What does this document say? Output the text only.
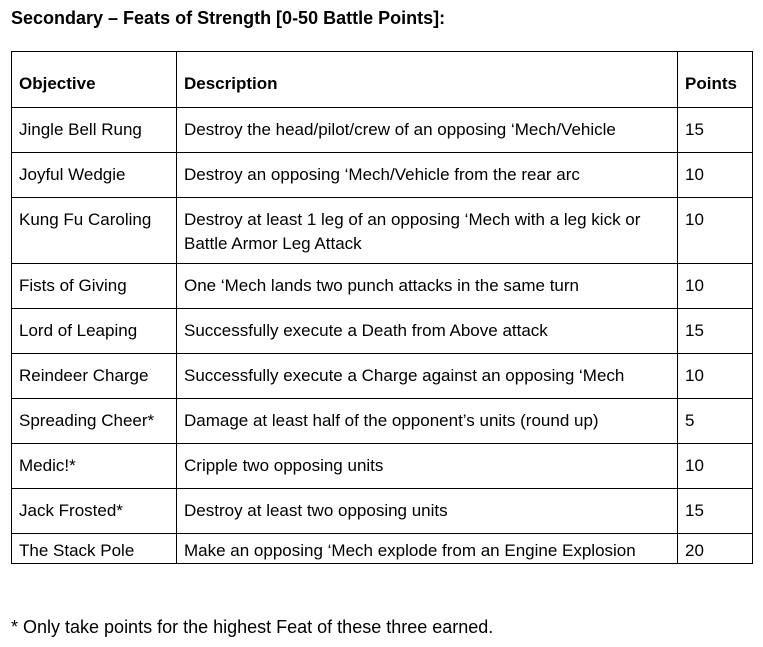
Secondary – Feats of Strength [0-50 Battle Points]:
Objective	Description	Points
Jingle Bell Rung	Destroy the head/pilot/crew of an opposing ‘Mech/Vehicle	15
Joyful Wedgie	Destroy an opposing ‘Mech/Vehicle from the rear arc	10
Kung Fu Caroling	Destroy at least 1 leg of an opposing ‘Mech with a leg kick or Battle Armor Leg Attack	10
Fists of Giving	One ‘Mech lands two punch attacks in the same turn	10
Lord of Leaping	Successfully execute a Death from Above attack	15
Reindeer Charge	Successfully execute a Charge against an opposing ‘Mech	10
Spreading Cheer*	Damage at least half of the opponent’s units (round up)	5
Medic!*	Cripple two opposing units	10
Jack Frosted*	Destroy at least two opposing units	15
The Stack Pole	Make an opposing ‘Mech explode from an Engine Explosion	20
* Only take points for the highest Feat of these three earned.
